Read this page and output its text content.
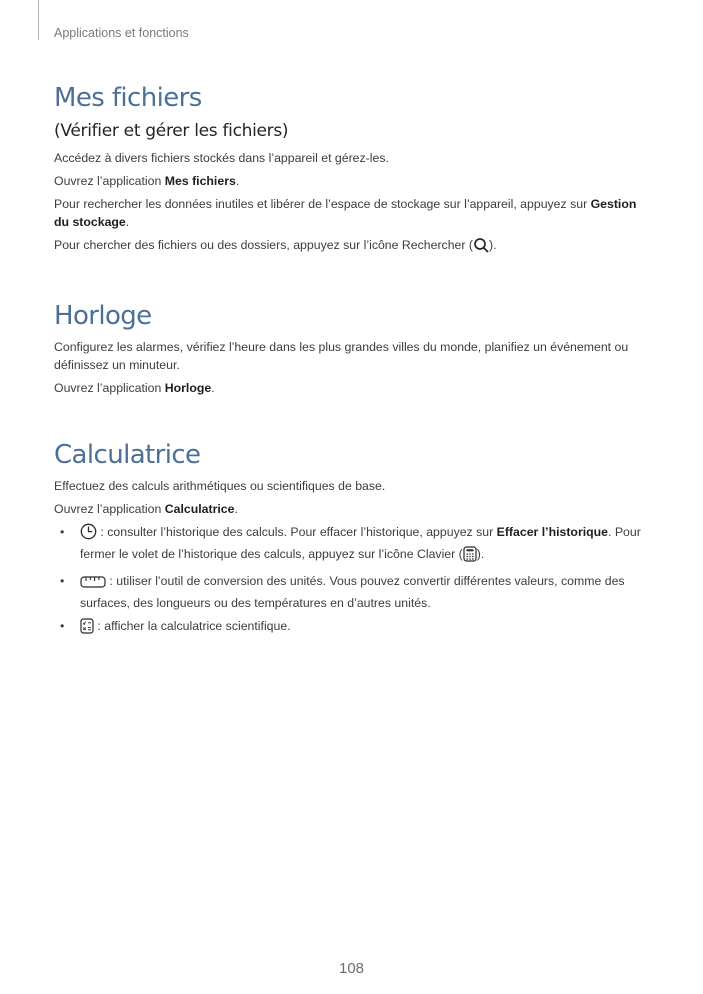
Applications et fonctions
Mes fichiers
(Vérifier et gérer les fichiers)

Accédez à divers fichiers stockés dans l’appareil et gérez-les.

Ouvrez l’application Mes fichiers.

Pour rechercher les données inutiles et libérer de l’espace de stockage sur l’appareil, appuyez sur Gestion du stockage.

Pour chercher des fichiers ou des dossiers, appuyez sur l’icône Rechercher ( ).

Horloge

Configurez les alarmes, vérifiez l’heure dans les plus grandes villes du monde, planifiez un événement ou définissez un minuteur.

Ouvrez l’application Horloge.

Calculatrice

Effectuez des calculs arithmétiques ou scientifiques de base.

Ouvrez l’application Calculatrice.

•	: consulter l’historique des calculs. Pour effacer l’historique, appuyez sur Effacer l’historique. Pour fermer le volet de l’historique des calculs, appuyez sur l’icône Clavier ( ).
•	: utiliser l’outil de conversion des unités. Vous pouvez convertir différentes valeurs, comme des surfaces, des longueurs ou des températures en d’autres unités.
• : afficher la calculatrice scientifique.
108
